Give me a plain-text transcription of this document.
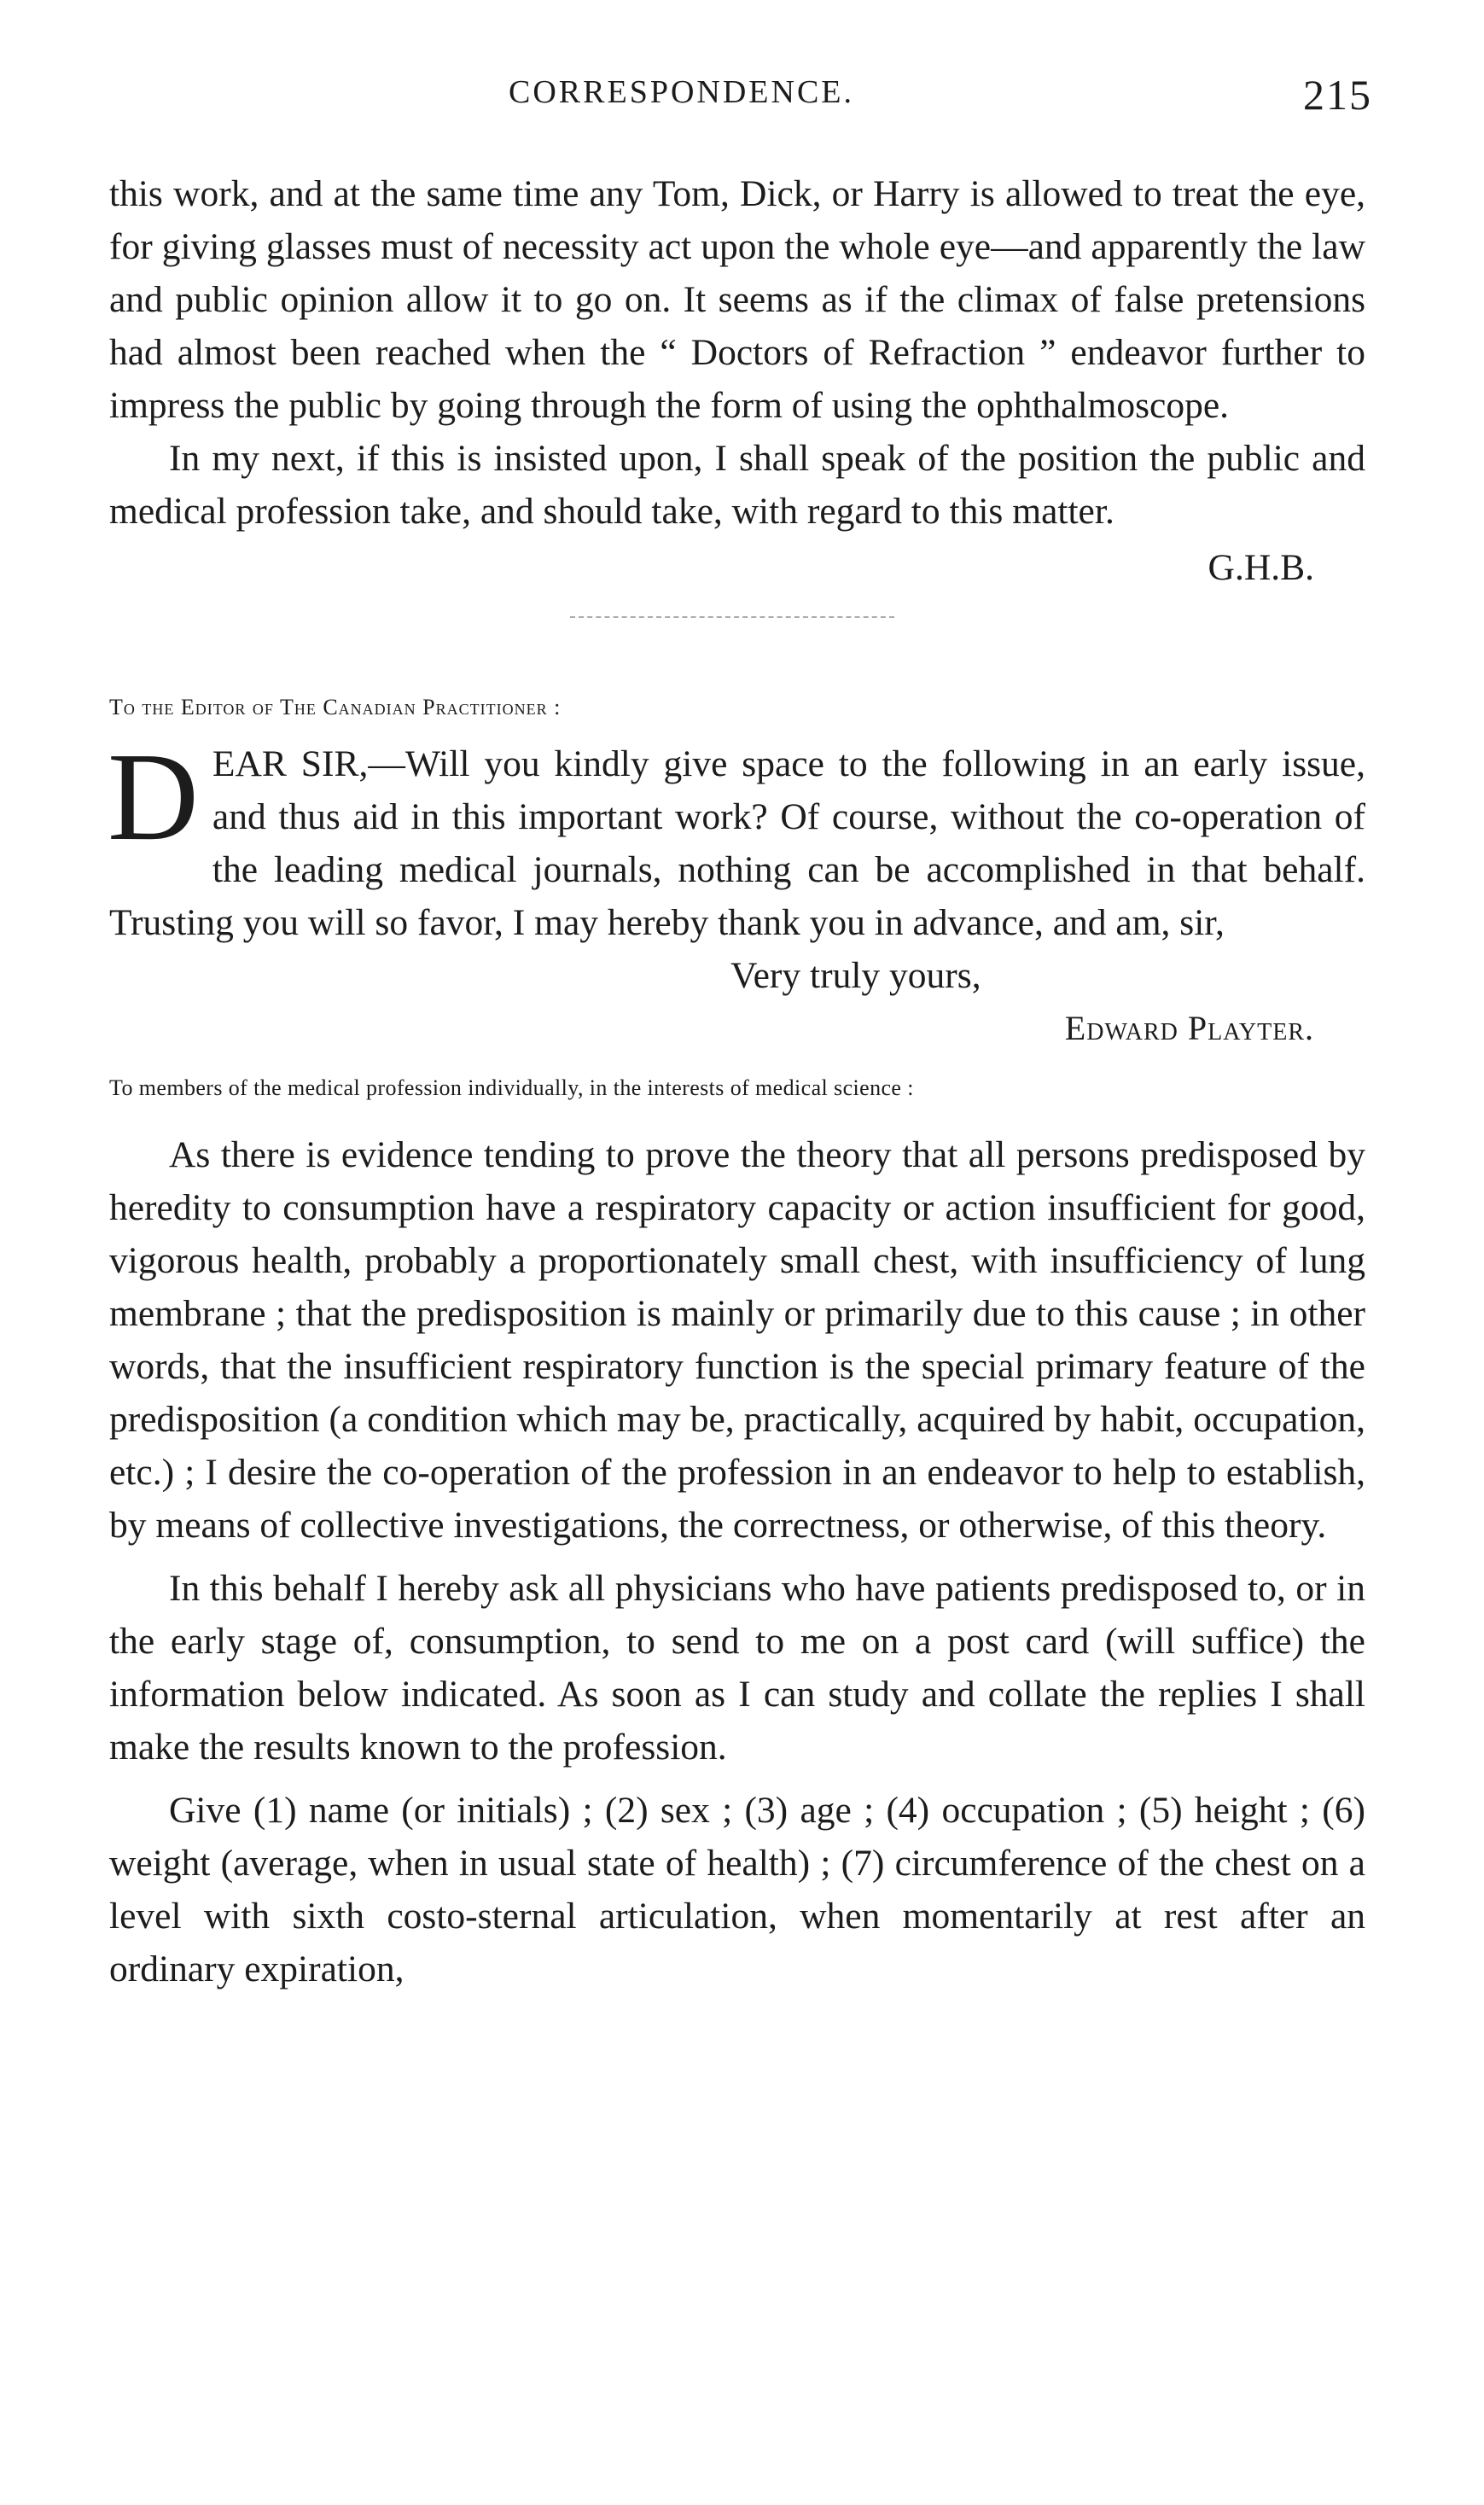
CORRESPONDENCE.	215

this work, and at the same time any Tom, Dick, or Harry is allowed to treat the eye, for giving glasses must of necessity act upon the whole eye—and apparently the law and public opinion allow it to go on. It seems as if the climax of false pretensions had almost been reached when the “ Doctors of Refraction ” endeavor further to impress the public by going through the form of using the ophthalmoscope.

In my next, if this is insisted upon, I shall speak of the position the public and medical profession take, and should take, with regard to this matter.

G.H.B.

To the Editor of The Canadian Practitioner :

D EAR SIR,—Will you kindly give space to the following in an early issue, and thus aid in this important work? Of course, without the co-operation of the leading medical journals, nothing can be accomplished in that behalf. Trusting you will so favor, I may hereby thank you in advance, and am, sir,

Very truly yours,

Edward Playter.

To members of the medical profession individually, in the interests of medical science :

As there is evidence tending to prove the theory that all persons predisposed by heredity to consumption have a respiratory capacity or action insufficient for good, vigorous health, probably a proportionately small chest, with insufficiency of lung membrane ; that the predisposition is mainly or primarily due to this cause ; in other words, that the insufficient respiratory function is the special primary feature of the predisposition (a condition which may be, practically, acquired by habit, occupation, etc.) ; I desire the co-operation of the profession in an endeavor to help to establish, by means of collective investigations, the correctness, or otherwise, of this theory.

In this behalf I hereby ask all physicians who have patients predisposed to, or in the early stage of, consumption, to send to me on a post card (will suffice) the information below indicated. As soon as I can study and collate the replies I shall make the results known to the profession.

Give (1) name (or initials) ; (2) sex ; (3) age ; (4) occupation ; (5) height ; (6) weight (average, when in usual state of health) ; (7) circumference of the chest on a level with sixth costo-sternal articulation, when momentarily at rest after an ordinary expiration,
